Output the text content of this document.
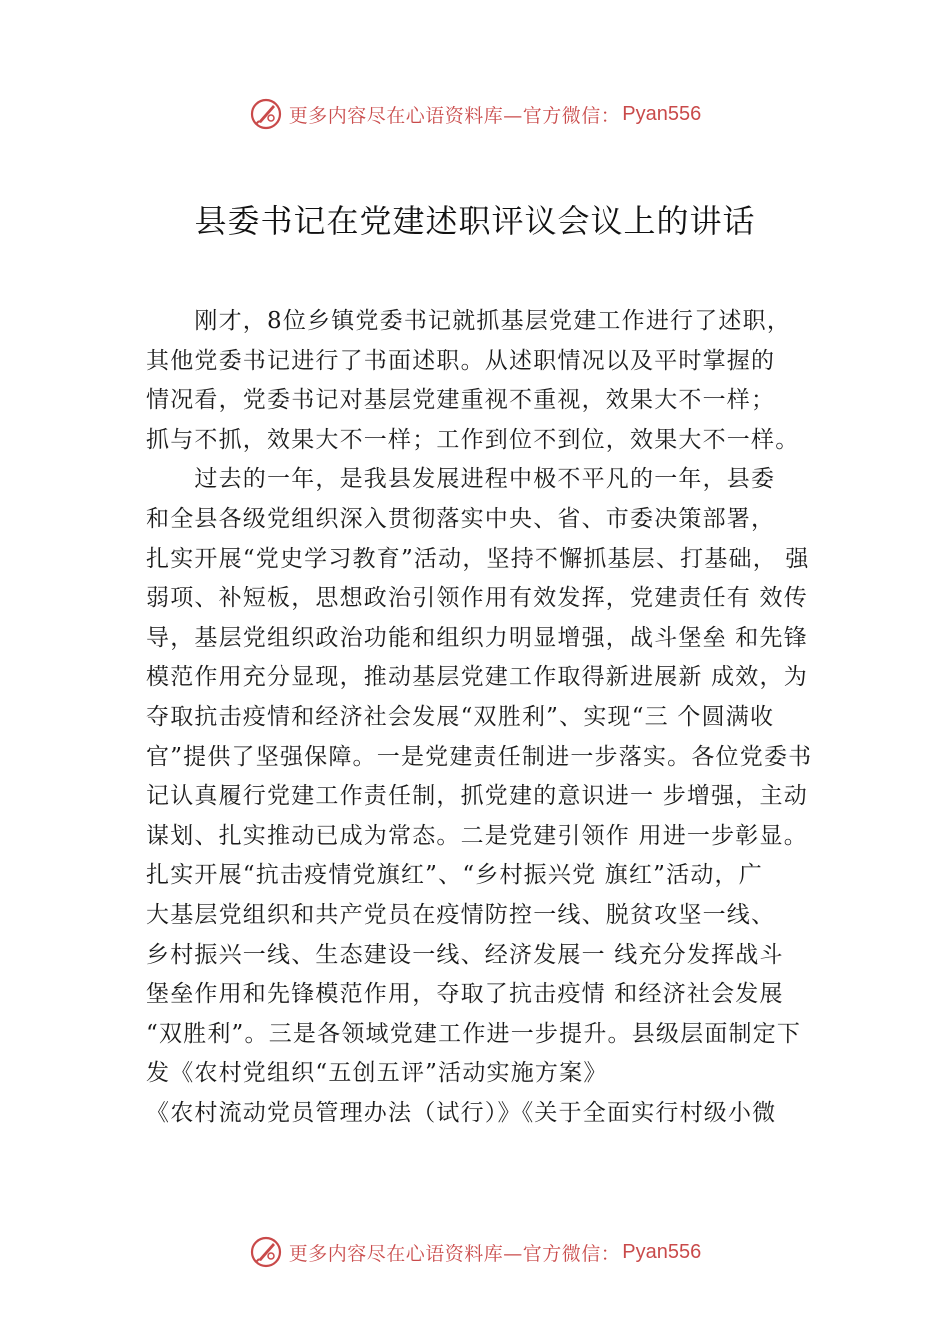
更多内容尽在心语资料库—官方微信： Pyan556
县委书记在党建述职评议会议上的讲话
　　刚才，8位乡镇党委书记就抓基层党建工作进行了述职，
其他党委书记进行了书面述职。从述职情况以及平时掌握的
情况看，党委书记对基层党建重视不重视，效果大不一样；
抓与不抓，效果大不一样；工作到位不到位，效果大不一样。
　　过去的一年，是我县发展进程中极不平凡的一年，县委
和全县各级党组织深入贯彻落实中央、省、市委决策部署，
扎实开展“党史学习教育”活动，坚持不懈抓基层、打基础， 强
弱项、补短板，思想政治引领作用有效发挥，党建责任有 效传
导，基层党组织政治功能和组织力明显增强，战斗堡垒 和先锋
模范作用充分显现，推动基层党建工作取得新进展新 成效，为
夺取抗击疫情和经济社会发展“双胜利”、实现“三 个圆满收
官”提供了坚强保障。一是党建责任制进一步落实。各位党委书
记认真履行党建工作责任制，抓党建的意识进一 步增强，主动
谋划、扎实推动已成为常态。二是党建引领作 用进一步彰显。
扎实开展“抗击疫情党旗红”、“乡村振兴党 旗红”活动，广
大基层党组织和共产党员在疫情防控一线、脱贫攻坚一线、
乡村振兴一线、生态建设一线、经济发展一 线充分发挥战斗
堡垒作用和先锋模范作用，夺取了抗击疫情 和经济社会发展
“双胜利”。三是各领域党建工作进一步提升。县级层面制定下
发《农村党组织“五创五评”活动实施方案》
《农村流动党员管理办法（试行）》《关于全面实行村级小微
更多内容尽在心语资料库—官方微信： Pyan556
